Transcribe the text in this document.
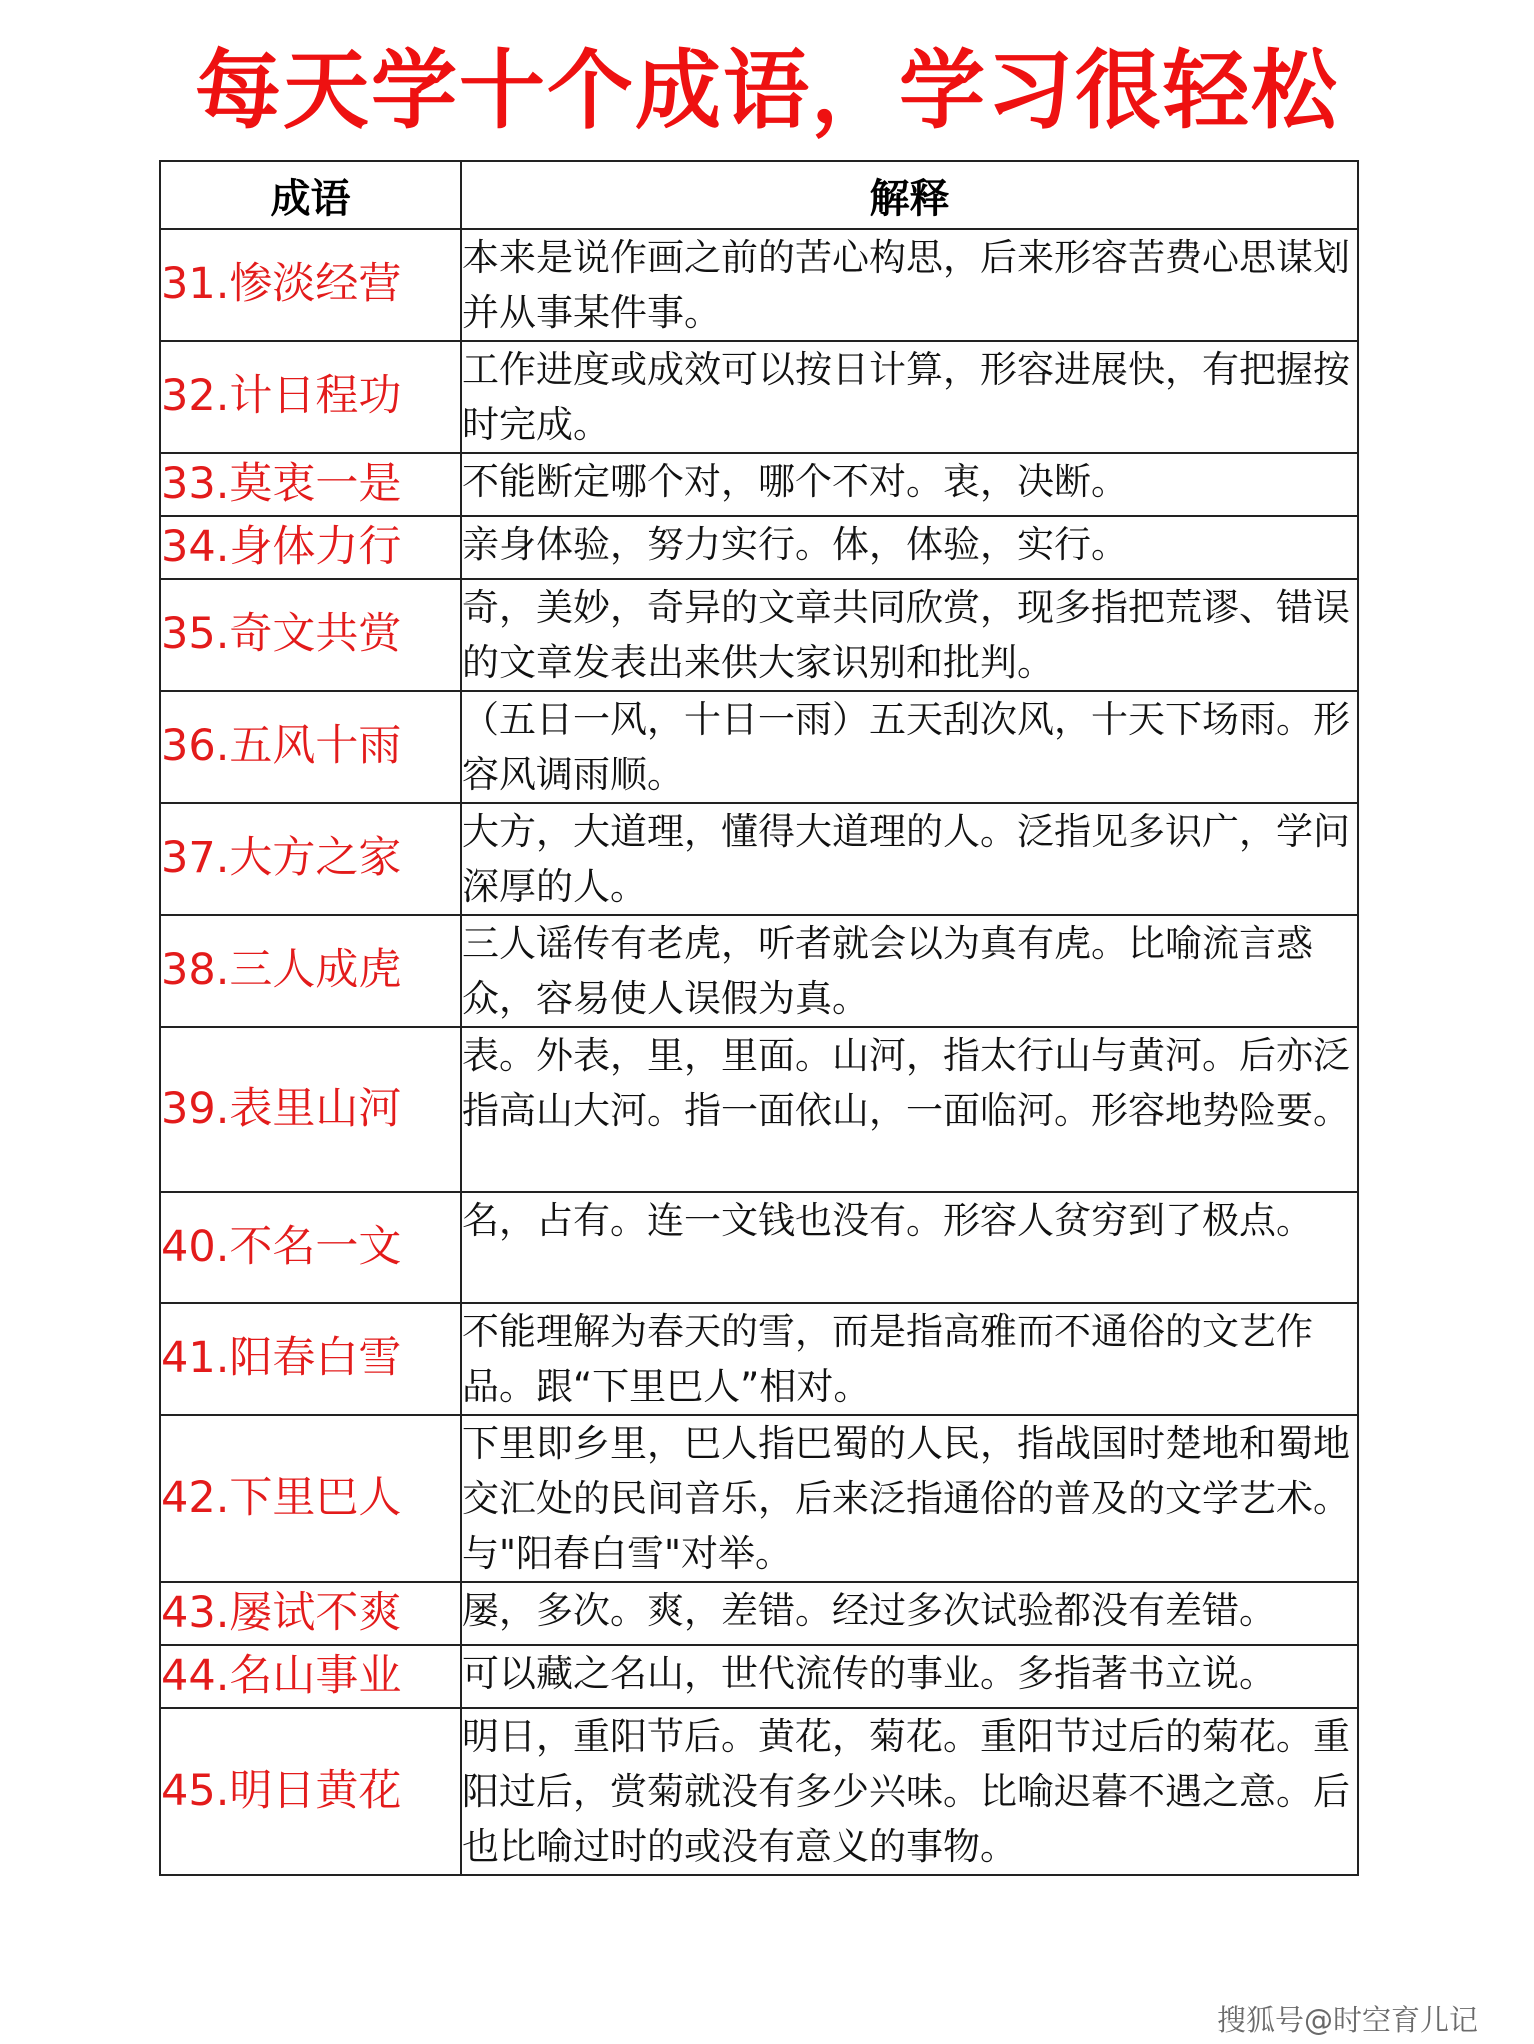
每天学十个成语，学习很轻松
成语	解释
31.惨淡经营	本来是说作画之前的苦心构思，后来形容苦费心思谋划并从事某件事。
32.计日程功	工作进度或成效可以按日计算，形容进展快，有把握按时完成。
33.莫衷一是	不能断定哪个对，哪个不对。衷，决断。
34.身体力行	亲身体验，努力实行。体，体验，实行。
35.奇文共赏	奇，美妙，奇异的文章共同欣赏，现多指把荒谬、错误的文章发表出来供大家识别和批判。
36.五风十雨	（五日一风，十日一雨）五天刮次风，十天下场雨。形容风调雨顺。
37.大方之家	大方，大道理，懂得大道理的人。泛指见多识广，学问深厚的人。
38.三人成虎	三人谣传有老虎，听者就会以为真有虎。比喻流言惑众，容易使人误假为真。
39.表里山河	表。外表，里，里面。山河，指太行山与黄河。后亦泛指高山大河。指一面依山，一面临河。形容地势险要。
40.不名一文	名，占有。连一文钱也没有。形容人贫穷到了极点。
41.阳春白雪	不能理解为春天的雪，而是指高雅而不通俗的文艺作品。跟“下里巴人”相对。
42.下里巴人	下里即乡里，巴人指巴蜀的人民，指战国时楚地和蜀地交汇处的民间音乐，后来泛指通俗的普及的文学艺术。与"阳春白雪"对举。
43.屡试不爽	屡，多次。爽，差错。经过多次试验都没有差错。
44.名山事业	可以藏之名山，世代流传的事业。多指著书立说。
45.明日黄花	明日，重阳节后。黄花，菊花。重阳节过后的菊花。重阳过后，赏菊就没有多少兴味。比喻迟暮不遇之意。后也比喻过时的或没有意义的事物。
搜狐号@时空育儿记
